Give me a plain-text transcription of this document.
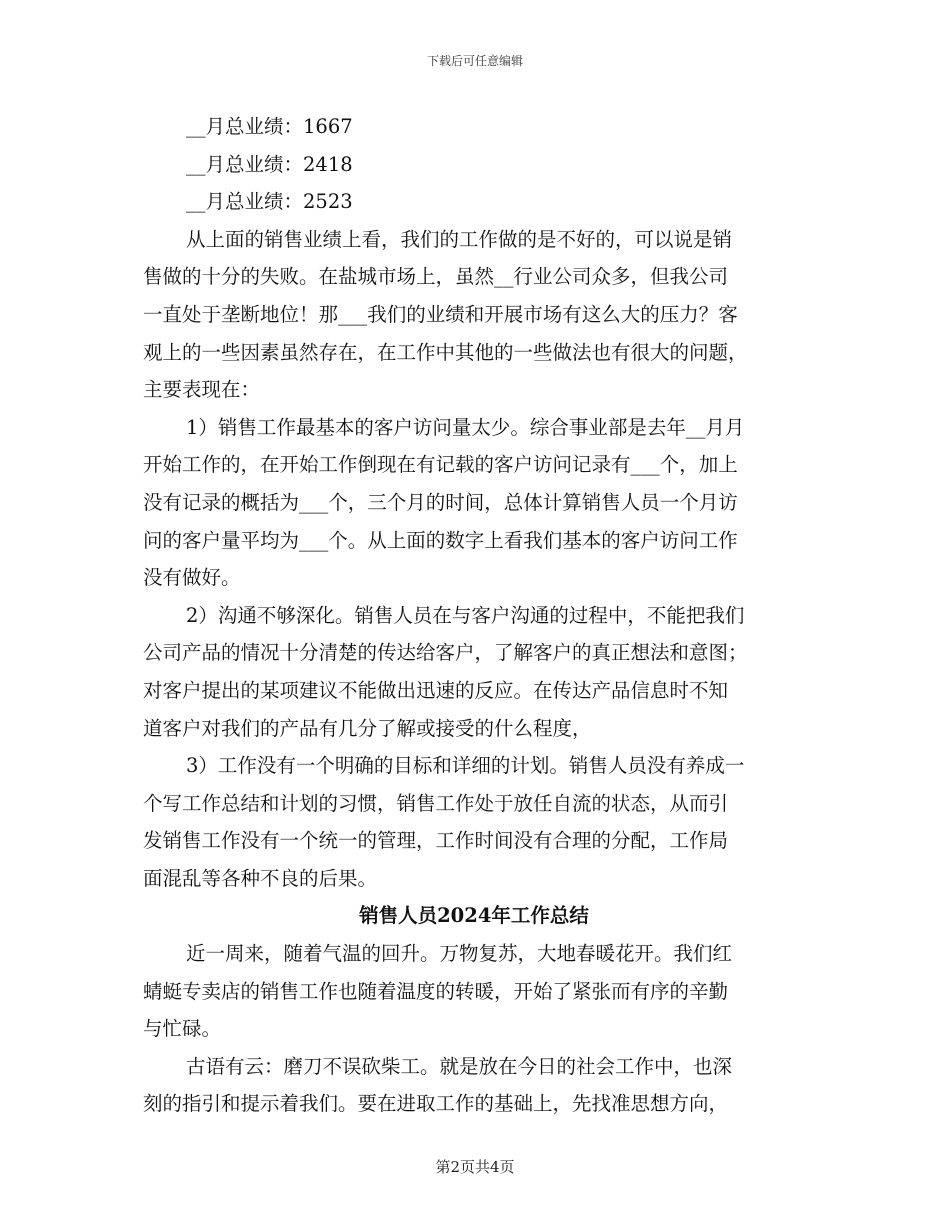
下载后可任意编辑
__月总业绩：1667
__月总业绩：2418
__月总业绩：2523
从上面的销售业绩上看，我们的工作做的是不好的，可以说是销
售做的十分的失败。在盐城市场上，虽然__行业公司众多，但我公司
一直处于垄断地位！那___我们的业绩和开展市场有这么大的压力？客
观上的一些因素虽然存在，在工作中其他的一些做法也有很大的问题，
主要表现在：
1）销售工作最基本的客户访问量太少。综合事业部是去年__月月
开始工作的，在开始工作倒现在有记载的客户访问记录有___个，加上
没有记录的概括为___个，三个月的时间，总体计算销售人员一个月访
问的客户量平均为___个。从上面的数字上看我们基本的客户访问工作
没有做好。
2）沟通不够深化。销售人员在与客户沟通的过程中，不能把我们
公司产品的情况十分清楚的传达给客户，了解客户的真正想法和意图；
对客户提出的某项建议不能做出迅速的反应。在传达产品信息时不知
道客户对我们的产品有几分了解或接受的什么程度，
3）工作没有一个明确的目标和详细的计划。销售人员没有养成一
个写工作总结和计划的习惯，销售工作处于放任自流的状态，从而引
发销售工作没有一个统一的管理，工作时间没有合理的分配，工作局
面混乱等各种不良的后果。
销售人员2024年工作总结
近一周来，随着气温的回升。万物复苏，大地春暖花开。我们红
蜻蜓专卖店的销售工作也随着温度的转暖，开始了紧张而有序的辛勤
与忙碌。
古语有云：磨刀不误砍柴工。就是放在今日的社会工作中，也深
刻的指引和提示着我们。要在进取工作的基础上，先找准思想方向，
第2页共4页
